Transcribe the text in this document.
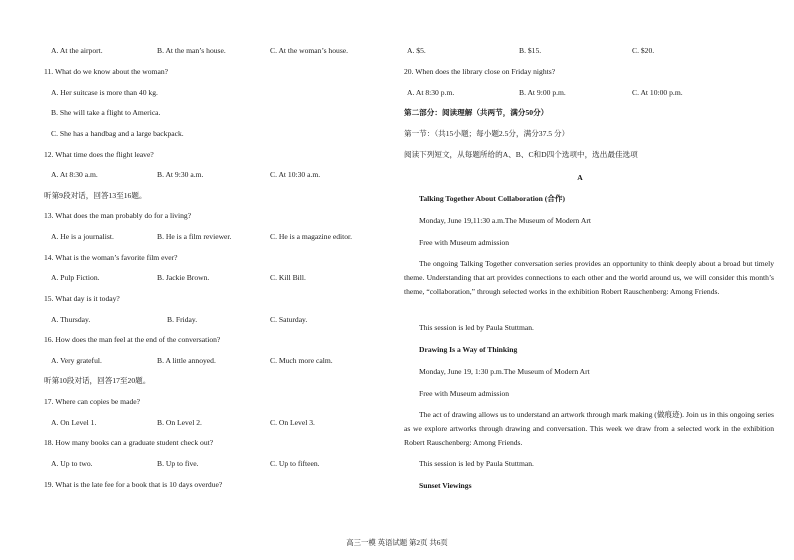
A. At the airport.	B. At the man’s house.	C. At the woman’s house.
11. What do we know about the woman?
A. Her suitcase is more than 40 kg.
B. She will take a flight to America.
C. She has a handbag and a large backpack.
12. What time does the flight leave?
A. At 8:30 a.m.	B. At 9:30 a.m.	C. At 10:30 a.m.
听第9段对话，回答13至16题。
13. What does the man probably do for a living?
A. He is a journalist.	B. He is a film reviewer.	C. He is a magazine editor.
14. What is the woman’s favorite film ever?
A. Pulp Fiction.	B. Jackie Brown.	C. Kill Bill.
15. What day is it today?
A. Thursday.	B. Friday.	C. Saturday.
16. How does the man feel at the end of the conversation?
A. Very grateful.	B. A little annoyed.	C. Much more calm.
听第10段对话，回答17至20题。
17. Where can copies be made?
A. On Level 1.	B. On Level 2.	C. On Level 3.
18. How many books can a graduate student check out?
A. Up to two.	B. Up to five.	C. Up to fifteen.
19. What is the late fee for a book that is 10 days overdue?
A. $5.	B. $15.	C. $20.
20. When does the library close on Friday nights?
A. At 8:30 p.m.	B. At 9:00 p.m.	C. At 10:00 p.m.
第二部分：阅读理解（共两节，满分50分）
第一节：（共15小题；每小题2.5分，满分37.5 分）
阅读下列短文，从每题所给的A、B、C和D四个选项中，选出最佳选项
A
Talking Together About Collaboration (合作)
Monday, June 19,11:30 a.m.The Museum of Modern Art
Free with Museum admission
The ongoing Talking Together conversation series provides an opportunity to think deeply about a broad but timely theme. Understanding that art provides connections to each other and the world around us, we will consider this month’s theme, “collaboration,” through selected works in the exhibition Robert Rauschenberg: Among Friends.
This session is led by Paula Stuttman.
Drawing Is a Way of Thinking
Monday, June 19, 1:30 p.m.The Museum of Modern Art
Free with Museum admission
The act of drawing allows us to understand an artwork through mark making (做痕迹). Join us in this ongoing series as we explore artworks through drawing and conversation. This week we draw from a selected work in the exhibition Robert Rauschenberg: Among Friends.
This session is led by Paula Stuttman.
Sunset Viewings
高三一模 英语试题 第2页 共6页
